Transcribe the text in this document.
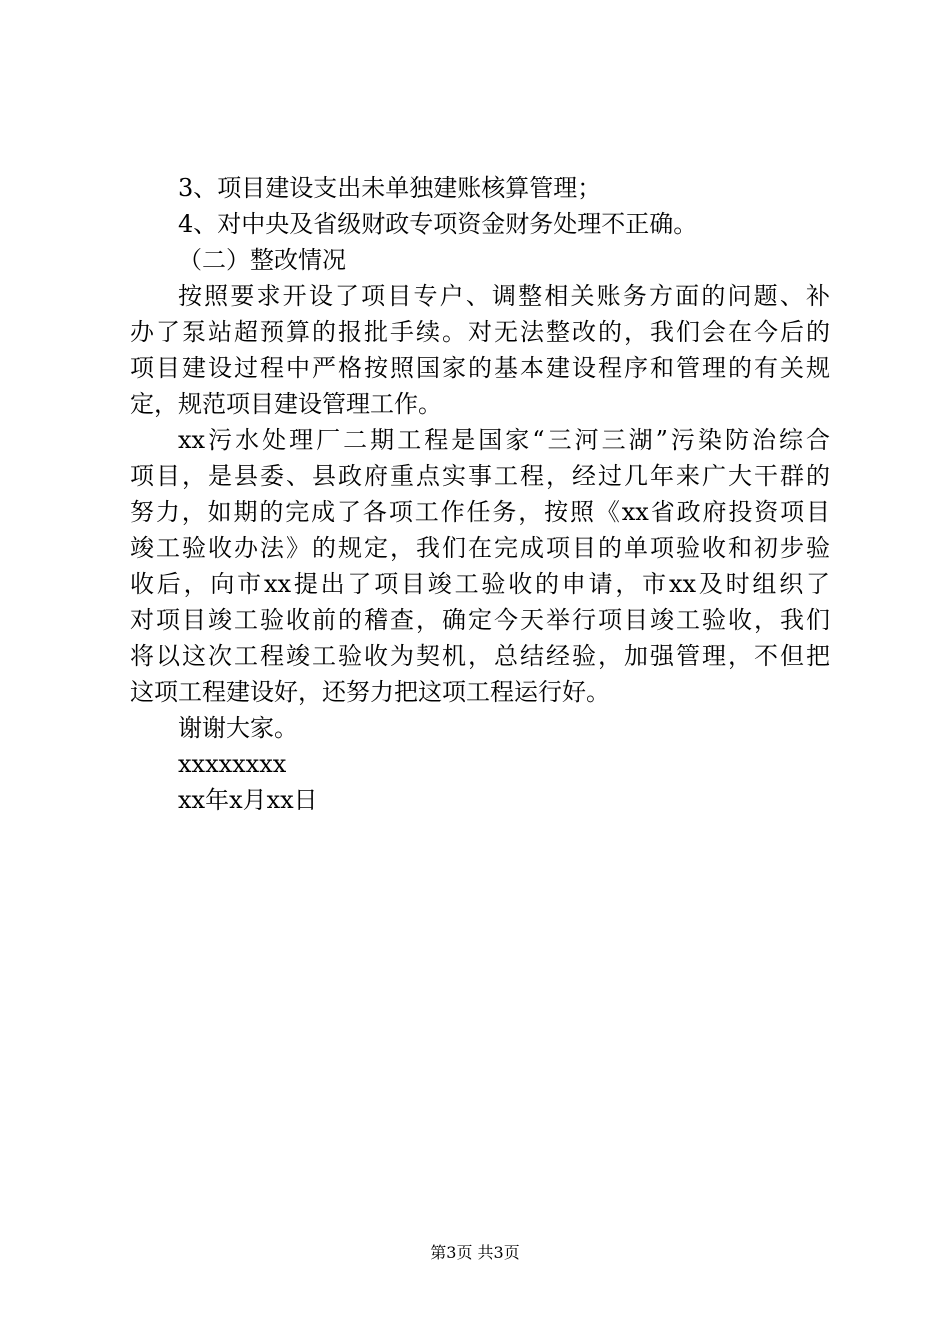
3、项目建设支出未单独建账核算管理；
4、对中央及省级财政专项资金财务处理不正确。
（二）整改情况
按照要求开设了项目专户、调整相关账务方面的问题、补
办了泵站超预算的报批手续。对无法整改的，我们会在今后的
项目建设过程中严格按照国家的基本建设程序和管理的有关规
定，规范项目建设管理工作。
xx污水处理厂二期工程是国家“三河三湖”污染防治综合
项目，是县委、县政府重点实事工程，经过几年来广大干群的
努力，如期的完成了各项工作任务，按照《xx省政府投资项目
竣工验收办法》的规定，我们在完成项目的单项验收和初步验
收后，向市xx提出了项目竣工验收的申请，市xx及时组织了
对项目竣工验收前的稽查，确定今天举行项目竣工验收，我们
将以这次工程竣工验收为契机，总结经验，加强管理，不但把
这项工程建设好，还努力把这项工程运行好。
谢谢大家。
xxxxxxxx
xx年x月xx日
第3页 共3页
